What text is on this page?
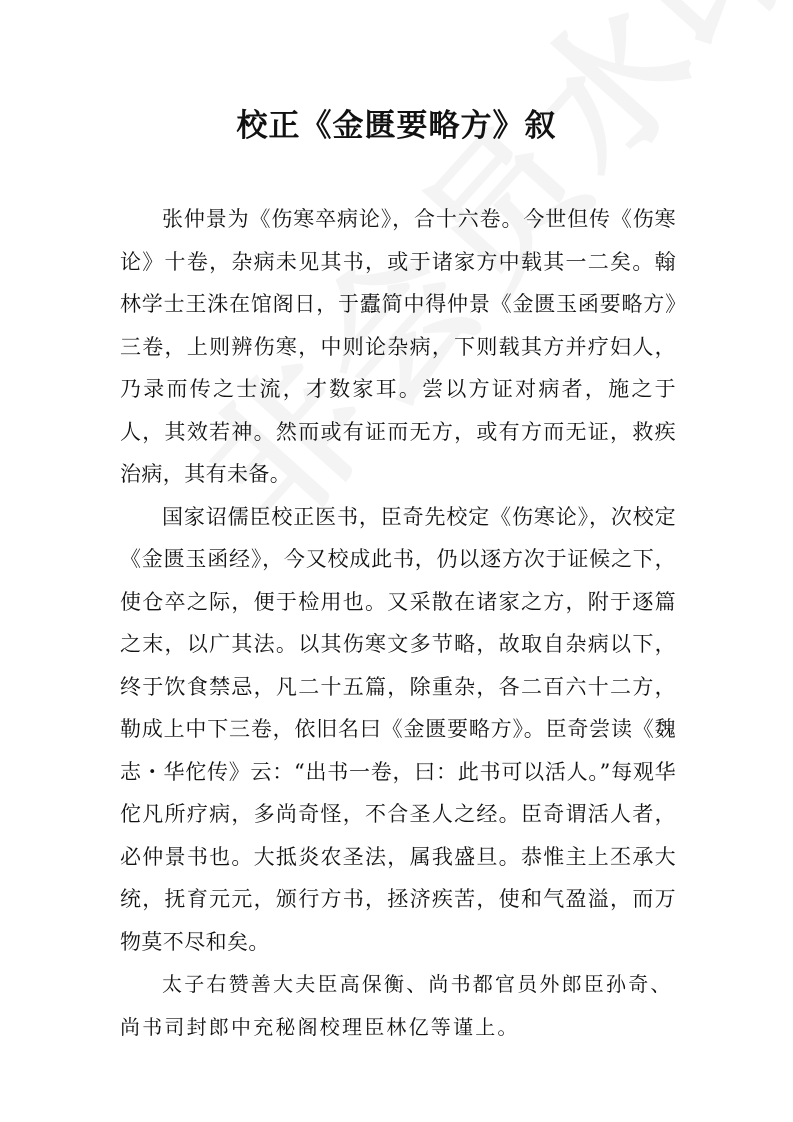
校正《金匮要略方》叙

张仲景为《伤寒卒病论》，合十六卷。今世但传《伤寒论》十卷，杂病未见其书，或于诸家方中载其一二矣。翰林学士王洙在馆阁日，于蠹简中得仲景《金匮玉函要略方》三卷，上则辨伤寒，中则论杂病，下则载其方并疗妇人，乃录而传之士流，才数家耳。尝以方证对病者，施之于人，其效若神。然而或有证而无方，或有方而无证，救疾治病，其有未备。

国家诏儒臣校正医书，臣奇先校定《伤寒论》，次校定《金匮玉函经》，今又校成此书，仍以逐方次于证候之下，使仓卒之际，便于检用也。又采散在诸家之方，附于逐篇之末，以广其法。以其伤寒文多节略，故取自杂病以下，终于饮食禁忌，凡二十五篇，除重杂，各二百六十二方，勒成上中下三卷，依旧名曰《金匮要略方》。臣奇尝读《魏志・华佗传》云：“出书一卷，曰：此书可以活人。”每观华佗凡所疗病，多尚奇怪，不合圣人之经。臣奇谓活人者，必仲景书也。大抵炎农圣法，属我盛旦。恭惟主上丕承大统，抚育元元，颁行方书，拯济疾苦，使和气盈溢，而万物莫不尽和矣。

太子右赞善大夫臣高保衡、尚书都官员外郎臣孙奇、尚书司封郎中充秘阁校理臣林亿等谨上。
